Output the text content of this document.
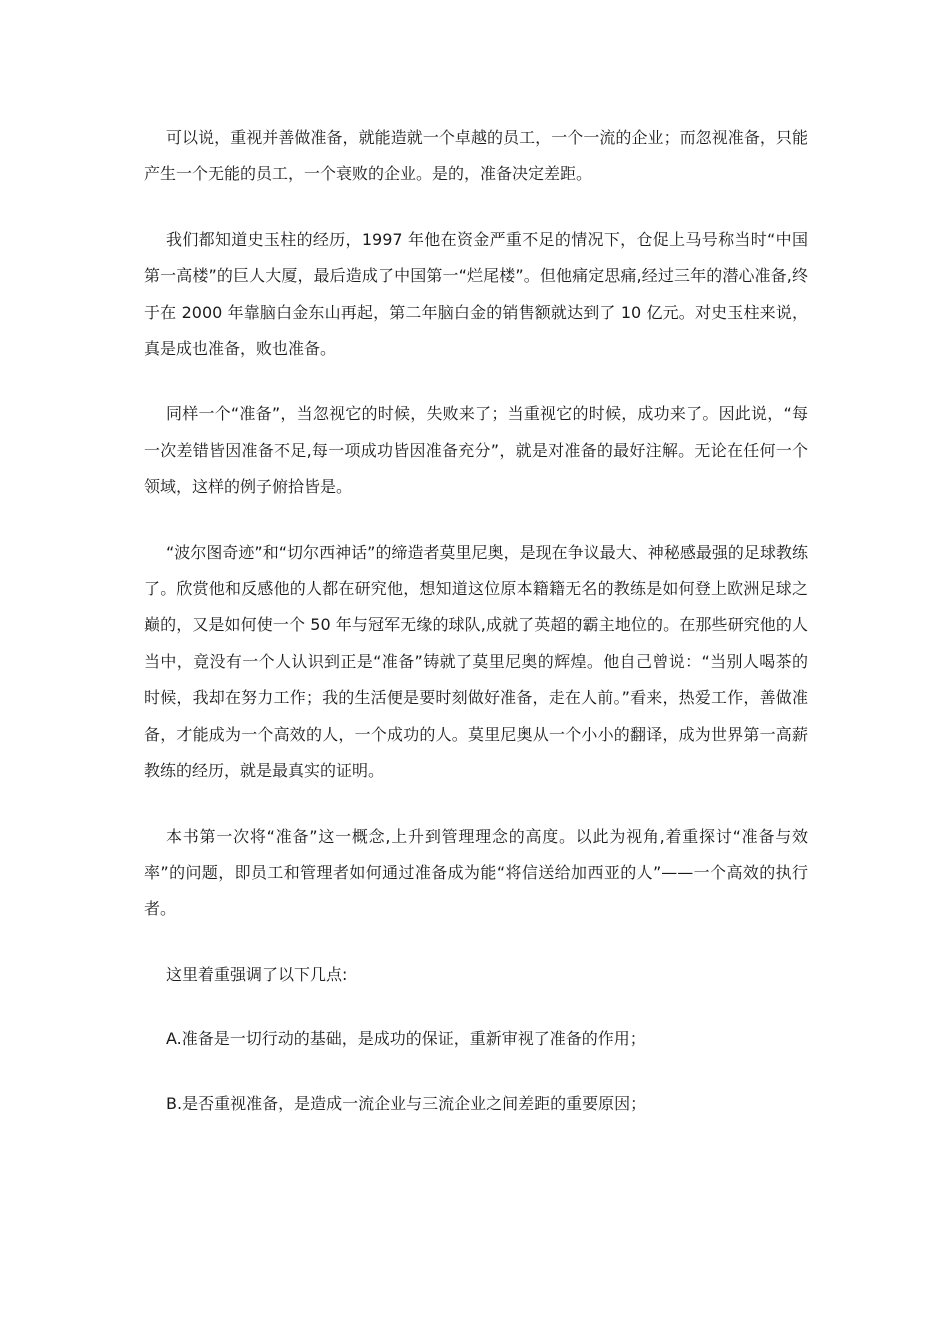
可以说，重视并善做准备，就能造就一个卓越的员工，一个一流的企业；而忽视准备，只能产生一个无能的员工，一个衰败的企业。是的，准备决定差距。

我们都知道史玉柱的经历，1997 年他在资金严重不足的情况下，仓促上马号称当时“中国第一高楼”的巨人大厦，最后造成了中国第一“烂尾楼”。但他痛定思痛,经过三年的潜心准备,终于在 2000 年靠脑白金东山再起，第二年脑白金的销售额就达到了 10 亿元。对史玉柱来说，真是成也准备，败也准备。

同样一个“准备”，当忽视它的时候，失败来了；当重视它的时候，成功来了。因此说，“每一次差错皆因准备不足,每一项成功皆因准备充分”，就是对准备的最好注解。无论在任何一个领域，这样的例子俯拾皆是。

“波尔图奇迹”和“切尔西神话”的缔造者莫里尼奥，是现在争议最大、神秘感最强的足球教练了。欣赏他和反感他的人都在研究他，想知道这位原本籍籍无名的教练是如何登上欧洲足球之巅的，又是如何使一个 50 年与冠军无缘的球队,成就了英超的霸主地位的。在那些研究他的人当中，竟没有一个人认识到正是“准备”铸就了莫里尼奥的辉煌。他自己曾说：“当别人喝茶的时候，我却在努力工作；我的生活便是要时刻做好准备，走在人前。”看来，热爱工作，善做准备，才能成为一个高效的人，一个成功的人。莫里尼奥从一个小小的翻译，成为世界第一高薪教练的经历，就是最真实的证明。

本书第一次将“准备”这一概念,上升到管理理念的高度。以此为视角,着重探讨“准备与效率”的问题，即员工和管理者如何通过准备成为能“将信送给加西亚的人”——一个高效的执行者。

这里着重强调了以下几点:

A.准备是一切行动的基础，是成功的保证，重新审视了准备的作用；

B.是否重视准备，是造成一流企业与三流企业之间差距的重要原因；
